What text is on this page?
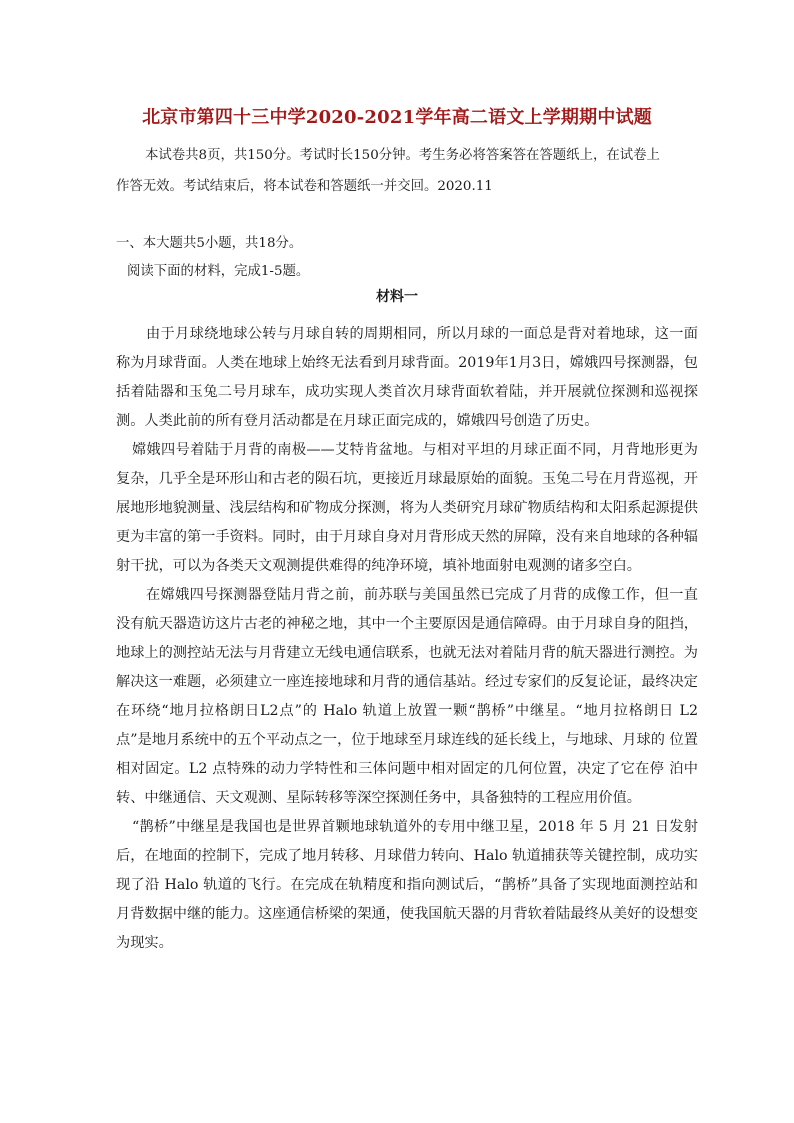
北京市第四十三中学2020-2021学年高二语文上学期期中试题
本试卷共8页，共150分。考试时长150分钟。考生务必将答案答在答题纸上，在试卷上
作答无效。考试结束后，将本试卷和答题纸一并交回。2020.11
一、本大题共5小题，共18分。
阅读下面的材料，完成1-5题。
材料一

由于月球绕地球公转与月球自转的周期相同，所以月球的一面总是背对着地球，这一面称为月球背面。人类在地球上始终无法看到月球背面。2019年1月3日，嫦娥四号探测器，包括着陆器和玉兔二号月球车，成功实现人类首次月球背面软着陆，并开展就位探测和巡视探测。人类此前的所有登月活动都是在月球正面完成的，嫦娥四号创造了历史。

嫦娥四号着陆于月背的南极——艾特肯盆地。与相对平坦的月球正面不同，月背地形更为复杂，几乎全是环形山和古老的陨石坑，更接近月球最原始的面貌。玉兔二号在月背巡视，开展地形地貌测量、浅层结构和矿物成分探测，将为人类研究月球矿物质结构和太阳系起源提供更为丰富的第一手资料。同时，由于月球自身对月背形成天然的屏障，没有来自地球的各种辐射干扰，可以为各类天文观测提供难得的纯净环境，填补地面射电观测的诸多空白。

在嫦娥四号探测器登陆月背之前，前苏联与美国虽然已完成了月背的成像工作，但一直没有航天器造访这片古老的神秘之地，其中一个主要原因是通信障碍。由于月球自身的阻挡，地球上的测控站无法与月背建立无线电通信联系，也就无法对着陆月背的航天器进行测控。为解决这一难题，必须建立一座连接地球和月背的通信基站。经过专家们的反复论证，最终决定在环绕“地月拉格朗日L2点”的 Halo 轨道上放置一颗“鹊桥”中继星。“地月拉格朗日 L2 点”是地月系统中的五个平动点之一，位于地球至月球连线的延长线上，与地球、月球的 位置相对固定。L2 点特殊的动力学特性和三体问题中相对固定的几何位置，决定了它在停 泊中转、中继通信、天文观测、星际转移等深空探测任务中，具备独特的工程应用价值。

“鹊桥”中继星是我国也是世界首颗地球轨道外的专用中继卫星，2018 年 5 月 21 日发射后，在地面的控制下，完成了地月转移、月球借力转向、Halo 轨道捕获等关键控制，成功实现了沿 Halo 轨道的飞行。在完成在轨精度和指向测试后，“鹊桥”具备了实现地面测控站和月背数据中继的能力。这座通信桥梁的架通，使我国航天器的月背软着陆最终从美好的设想变为现实。
